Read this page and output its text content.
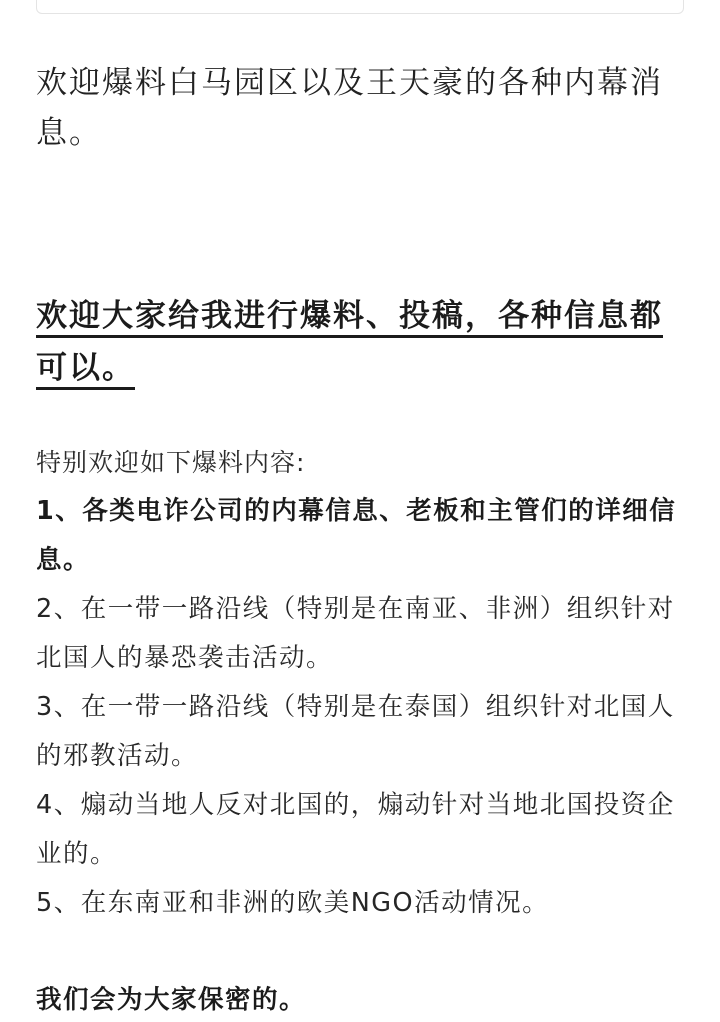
欢迎爆料白马园区以及王天豪的各种内幕消息。

欢迎大家给我进行爆料、投稿，各种信息都可以。

特别欢迎如下爆料内容:

1、各类电诈公司的内幕信息、老板和主管们的详细信息。
2、在一带一路沿线（特别是在南亚、非洲）组织针对北国人的暴恐袭击活动。
3、在一带一路沿线（特别是在泰国）组织针对北国人的邪教活动。
4、煽动当地人反对北国的，煽动针对当地北国投资企业的。
5、在东南亚和非洲的欧美NGO活动情况。

我们会为大家保密的。
